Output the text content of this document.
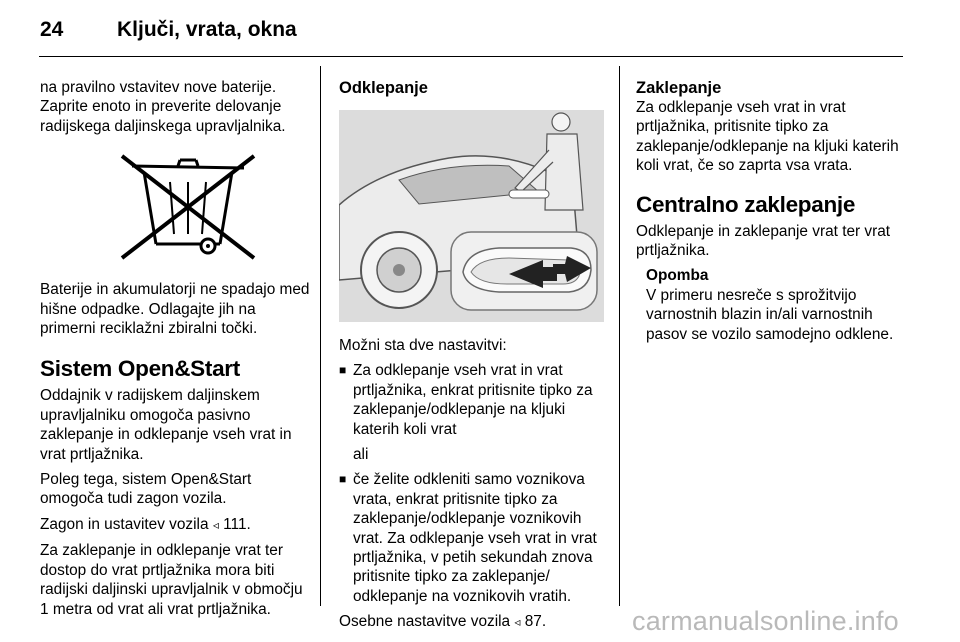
24	Ključi, vrata, okna

na pravilno vstavitev nove baterije. Zaprite enoto in preverite delovanje radijskega daljinskega upravljalnika.

Baterije in akumulatorji ne spadajo med hišne odpadke. Odlagajte jih na primerni reciklažni zbiralni točki.

Sistem Open&Start

Oddajnik v radijskem daljinskem upravljalniku omogoča pasivno zaklepanje in odklepanje vseh vrat in vrat prtljažnika.

Poleg tega, sistem Open&Start omogoča tudi zagon vozila.

Zagon in ustavitev vozila ◃ 111.

Za zaklepanje in odklepanje vrat ter dostop do vrat prtljažnika mora biti radijski daljinski upravljalnik v območju 1 metra od vrat ali vrat prtljažnika.

Odklepanje

Možni sta dve nastavitvi:

■ Za odklepanje vseh vrat in vrat prtljažnika, enkrat pritisnite tipko za zaklepanje/odklepanje na kljuki katerih koli vrat

ali

■ če želite odkleniti samo voznikova vrata, enkrat pritisnite tipko za zaklepanje/odklepanje voznikovih vrat. Za odklepanje vseh vrat in vrat prtljažnika, v petih sekundah znova pritisnite tipko za zaklepanje/ odklepanje na voznikovih vratih.

Osebne nastavitve vozila ◃ 87.

Zaklepanje

Za odklepanje vseh vrat in vrat prtljažnika, pritisnite tipko za zaklepanje/odklepanje na kljuki katerih koli vrat, če so zaprta vsa vrata.

Centralno zaklepanje

Odklepanje in zaklepanje vrat ter vrat prtljažnika.

Opomba
V primeru nesreče s sprožitvijo varnostnih blazin in/ali varnostnih pasov se vozilo samodejno odklene.
carmanualsonline.info
